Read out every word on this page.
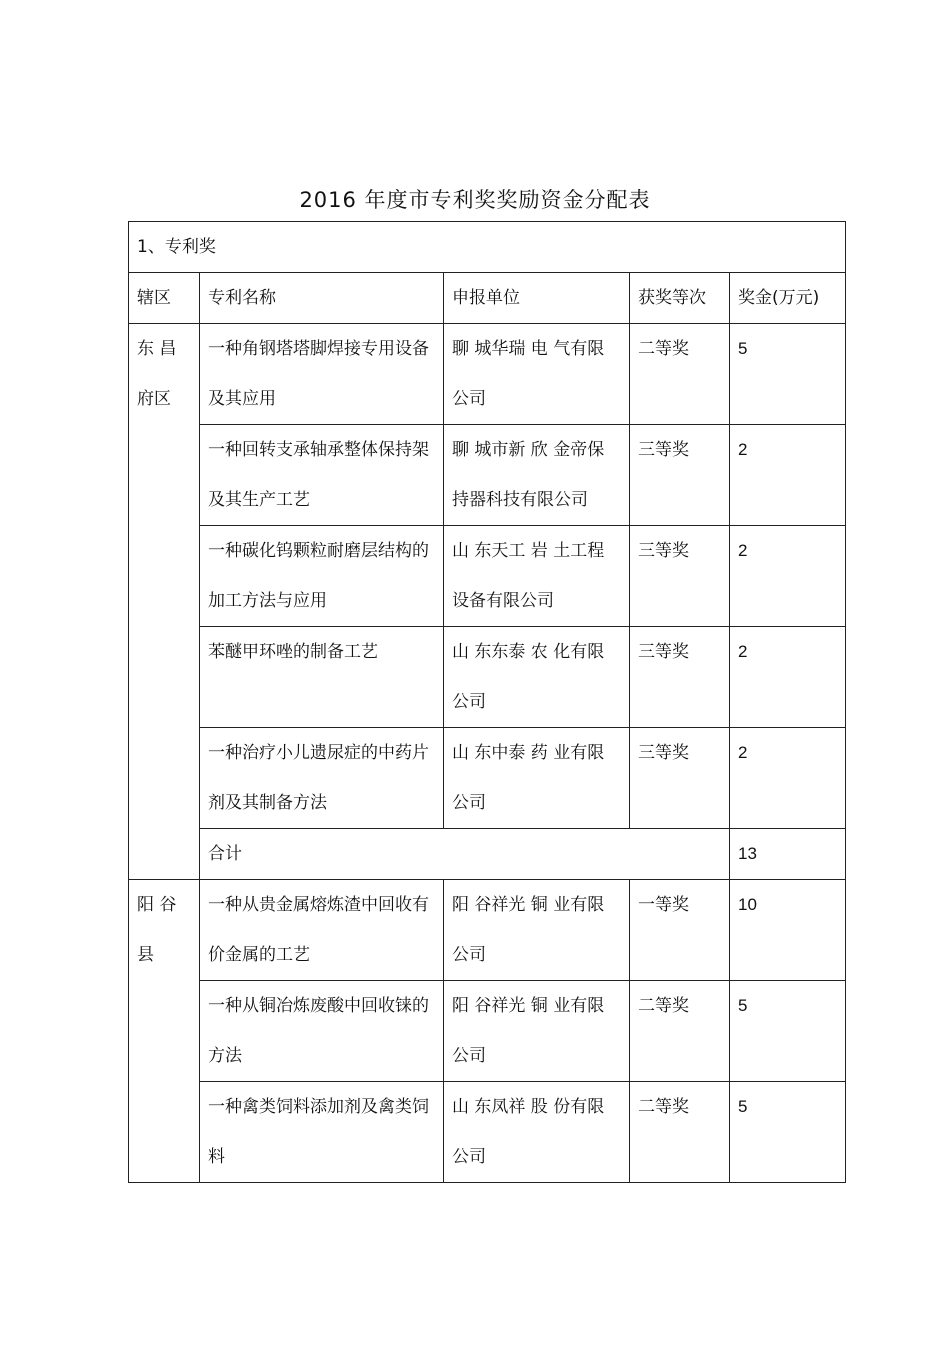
2016 年度市专利奖奖励资金分配表
1、专利奖				
辖区	专利名称	申报单位	获奖等次	奖金(万元)
东 昌府区	一种角钢塔塔脚焊接专用设备及其应用	聊 城华瑞 电 气有限公司	二等奖	5
	一种回转支承轴承整体保持架及其生产工艺	聊 城市新 欣 金帝保持器科技有限公司	三等奖	2
	一种碳化钨颗粒耐磨层结构的加工方法与应用	山 东天工 岩 土工程设备有限公司	三等奖	2
	苯醚甲环唑的制备工艺	山 东东泰 农 化有限公司	三等奖	2
	一种治疗小儿遗尿症的中药片剂及其制备方法	山 东中泰 药 业有限公司	三等奖	2
	合计			13
阳 谷县	一种从贵金属熔炼渣中回收有价金属的工艺	阳 谷祥光 铜 业有限公司	一等奖	10
	一种从铜冶炼废酸中回收铼的方法	阳 谷祥光 铜 业有限公司	二等奖	5
	一种禽类饲料添加剂及禽类饲料	山 东凤祥 股 份有限公司	二等奖	5
